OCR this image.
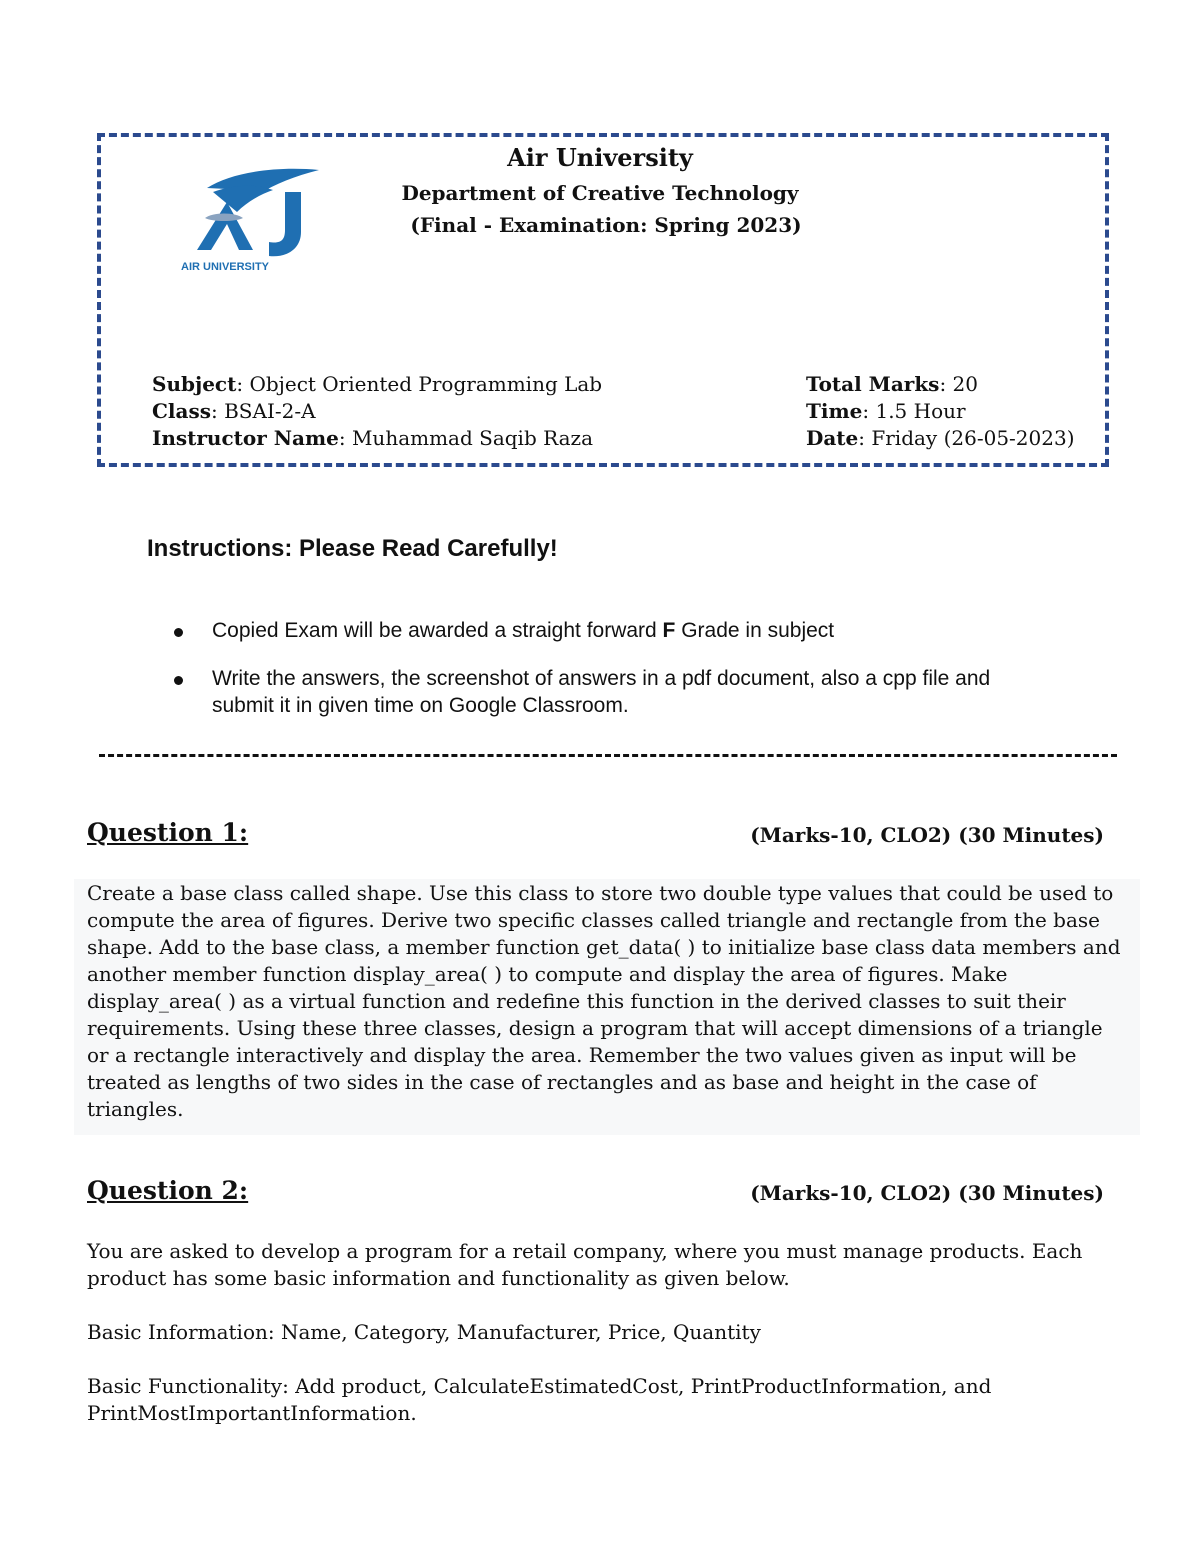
AIR UNIVERSITY
Air University
Department of Creative Technology
(Final - Examination: Spring 2023)
Subject: Object Oriented Programming Lab
Class: BSAI-2-A
Instructor Name: Muhammad Saqib Raza
Total Marks: 20
Time: 1.5 Hour
Date: Friday (26-05-2023)
Instructions: Please Read Carefully!
Copied Exam will be awarded a straight forward F Grade in subject
Write the answers, the screenshot of answers in a pdf document, also a cpp file and submit it in given time on Google Classroom.
Question 1:	(Marks-10, CLO2) (30 Minutes)
Create a base class called shape. Use this class to store two double type values that could be used to compute the area of figures. Derive two specific classes called triangle and rectangle from the base shape. Add to the base class, a member function get_data( ) to initialize base class data members and another member function display_area( ) to compute and display the area of figures. Make display_area( ) as a virtual function and redefine this function in the derived classes to suit their requirements. Using these three classes, design a program that will accept dimensions of a triangle or a rectangle interactively and display the area. Remember the two values given as input will be treated as lengths of two sides in the case of rectangles and as base and height in the case of triangles.
Question 2:	(Marks-10, CLO2) (30 Minutes)

You are asked to develop a program for a retail company, where you must manage products. Each product has some basic information and functionality as given below.

Basic Information: Name, Category, Manufacturer, Price, Quantity

Basic Functionality: Add product, CalculateEstimatedCost, PrintProductInformation, and PrintMostImportantInformation.
